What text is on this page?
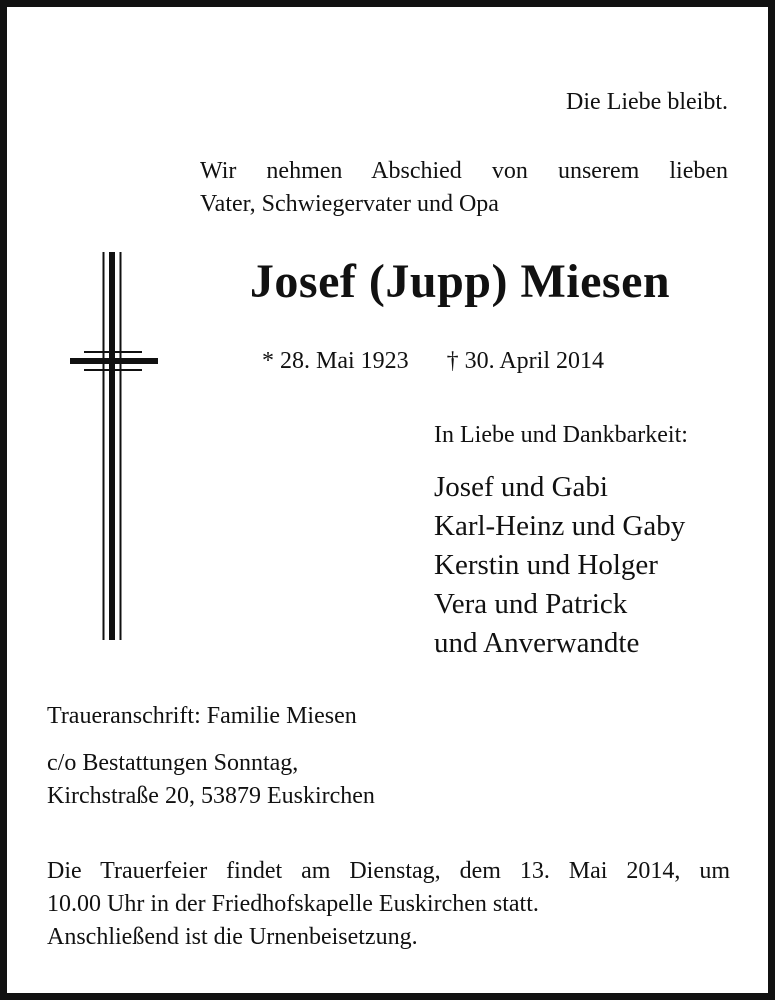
Die Liebe bleibt.
Wir nehmen Abschied von unserem lieben
Vater, Schwiegervater und Opa
Josef (Jupp) Miesen
* 28. Mai 1923 † 30. April 2014
In Liebe und Dankbarkeit:
Josef und Gabi
Karl-Heinz und Gaby
Kerstin und Holger
Vera und Patrick
und Anverwandte
Traueranschrift: Familie Miesen
c/o Bestattungen Sonntag,
Kirchstraße 20, 53879 Euskirchen
Die Trauerfeier findet am Dienstag, dem 13. Mai 2014, um
10.00 Uhr in der Friedhofskapelle Euskirchen statt.
Anschließend ist die Urnenbeisetzung.
